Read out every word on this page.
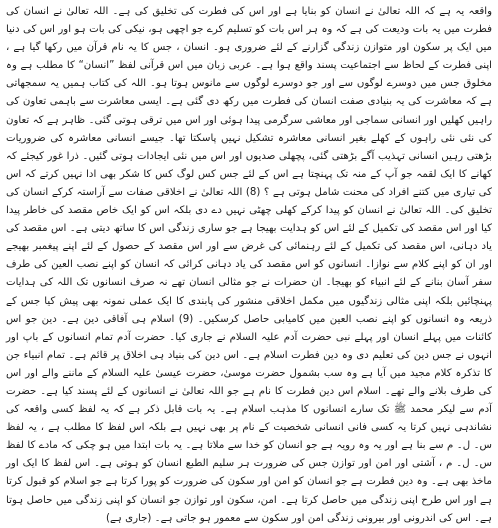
واقعہ یہ ہے کہ اللہ تعالیٰ نے انسان کو بنایا ہے اور اس کی فطرت کی تخلیق کی ہے۔ اللہ تعالیٰ نے انسان کی فطرت میں یہ بات ودیعت کی ہے کہ وہ ہر اس بات کو تسلیم کرے جو اچھی ہو، نیکی کی بات ہو اور اس کی دنیا میں ایک پر سکون اور متوازن زندگی گزارنے کے لئے ضروری ہو۔ انسان ، جس کا یہ نام قرآن میں رکھا گیا ہے ، اپنی فطرت کے لحاظ سے اجتماعیت پسند واقع ہوا ہے۔ عربی زبان میں اس قرآنی لفظ ”انسان“ کا مطلب ہے وہ مخلوق جس میں دوسرے لوگوں سے اور جو دوسرے لوگوں سے مانوس ہوتا ہو۔ اللہ کی کتاب ہمیں یہ سمجھاتی ہے کہ معاشرت کی یہ بنیادی صفت انسان کی فطرت میں رکھ دی گئی ہے۔ ایسی معاشرت سے باہمی تعاون کی راہیں کھلیں اور انسانی سماجی اور معاشی سرگرمی پیدا ہوئی اور اس میں ترقی ہوتی گئی۔ ظاہر ہے کہ تعاون کی نئی نئی راہوں کے کھلے بغیر انسانی معاشرہ تشکیل نہیں پاسکتا تھا۔ جیسے انسانی معاشرہ کی ضروریات بڑھتی رہیں انسانی تہذیب آگے بڑھتی گئی، پچھلی صدیوں اور اس میں نئی ایجادات ہوتی گئیں۔ ذرا غور کیجئے کہ کھانے کا ایک لقمہ جو آپ کے منہ تک پہنچتا ہے اس کے لئے جس کس لوگ کس کا شکر بھی ادا نہیں کرتے کہ اس کی تیاری میں کتنے افراد کی محنت شامل ہوتی ہے ؟ (8) اللہ تعالیٰ نے اخلاقی صفات سے آراستہ کرکے انسان کی تخلیق کی۔ اللہ تعالیٰ نے انسان کو پیدا کرکے کھلی چھٹی نہیں دے دی بلکہ اس کو ایک خاص مقصد کی خاطر پیدا کیا اور اس مقصد کی تکمیل کے لئے اس کو ہدایت بھیجا ہے جو ساری زندگی اس کا ساتھ دیتی ہے۔ اس مقصد کی یاد دہانی، اس مقصد کی تکمیل کے لئے رہنمائی کی غرض سے اور اس مقصد کے حصول کے لئے اپنے پیغمبر بھیجے اور ان کو اپنے کلام سے نوازا۔ انسانوں کو اس مقصد کی یاد دہانی کرائی کہ انسان کو اپنے نصب العین کی طرف سفر آسان بنانے کے لئے انبیاء کو بھیجا۔ ان حضرات نے جو مثالی انسان تھے نہ صرف انسانوں تک اللہ کی ہدایات پہنچائیں بلکہ اپنی مثالی زندگیوں میں مکمل اخلاقی منشور کی پابندی کا ایک عملی نمونہ بھی پیش کیا جس کے ذریعہ وہ انسانوں کو اپنے نصب العین میں کامیابی حاصل کرسکیں۔ (9) اسلام ہی آفاقی دین ہے۔ دین جو اس کائنات میں پہلے انسان اور پہلے نبی حضرت آدم علیہ السلام نے جاری کیا۔ حضرت آدم تمام انسانوں کے باپ اور انہوں نے جس دین کی تعلیم دی وہ دین فطرت اسلام ہے۔ اس دین کی بنیاد ہی اخلاق پر قائم ہے۔ تمام انبیاء جن کا تذکرہ کلام مجید میں آیا ہے وہ سب بشمول حضرت موسیٰ، حضرت عیسیٰ علیہ السلام کے ماننے والے اور اس کی طرف بلانے والے تھے۔ اسلام اس دین فطرت کا نام ہے جو اللہ تعالیٰ نے انسانوں کے لئے پسند کیا ہے۔ حضرت آدم سے لیکر محمد ﷺ تک سارے انسانوں کا مذہب اسلام ہے۔ یہ بات قابل ذکر ہے کہ یہ لفظ کسی واقعہ کی نشاندہی نہیں کرتا یہ کسی فانی انسانی شخصیت کے نام پر بھی نہیں ہے بلکہ اس لفظ کا مطلب ہے ، یہ لفظ س۔ ل۔ م سے بنا ہے اور یہ وہ رویہ ہے جو انسان کو خدا سے ملاتا ہے۔ یہ بات ابتدا میں ہو چکی کہ مادے کا لفظ س۔ ل۔ م ، آشتی اور امن اور توازن جس کی ضرورت ہر سلیم الطبع انسان کو ہوتی ہے۔ اس لفظ کا ایک اور ماخذ بھی ہے۔ وہ دین فطرت ہے جو انسان کو امن اور سکون کی ضرورت کو پورا کرتا ہے جو اسلام کو قبول کرتا ہے اور اس طرح اپنی زندگی میں حاصل کرتا ہے۔ امن، سکون اور توازن جو انسان کو اپنی زندگی میں حاصل ہوتا ہے۔ اس کی اندرونی اور بیرونی زندگی امن اور سکون سے معمور ہو جاتی ہے۔ (جاری ہے)
